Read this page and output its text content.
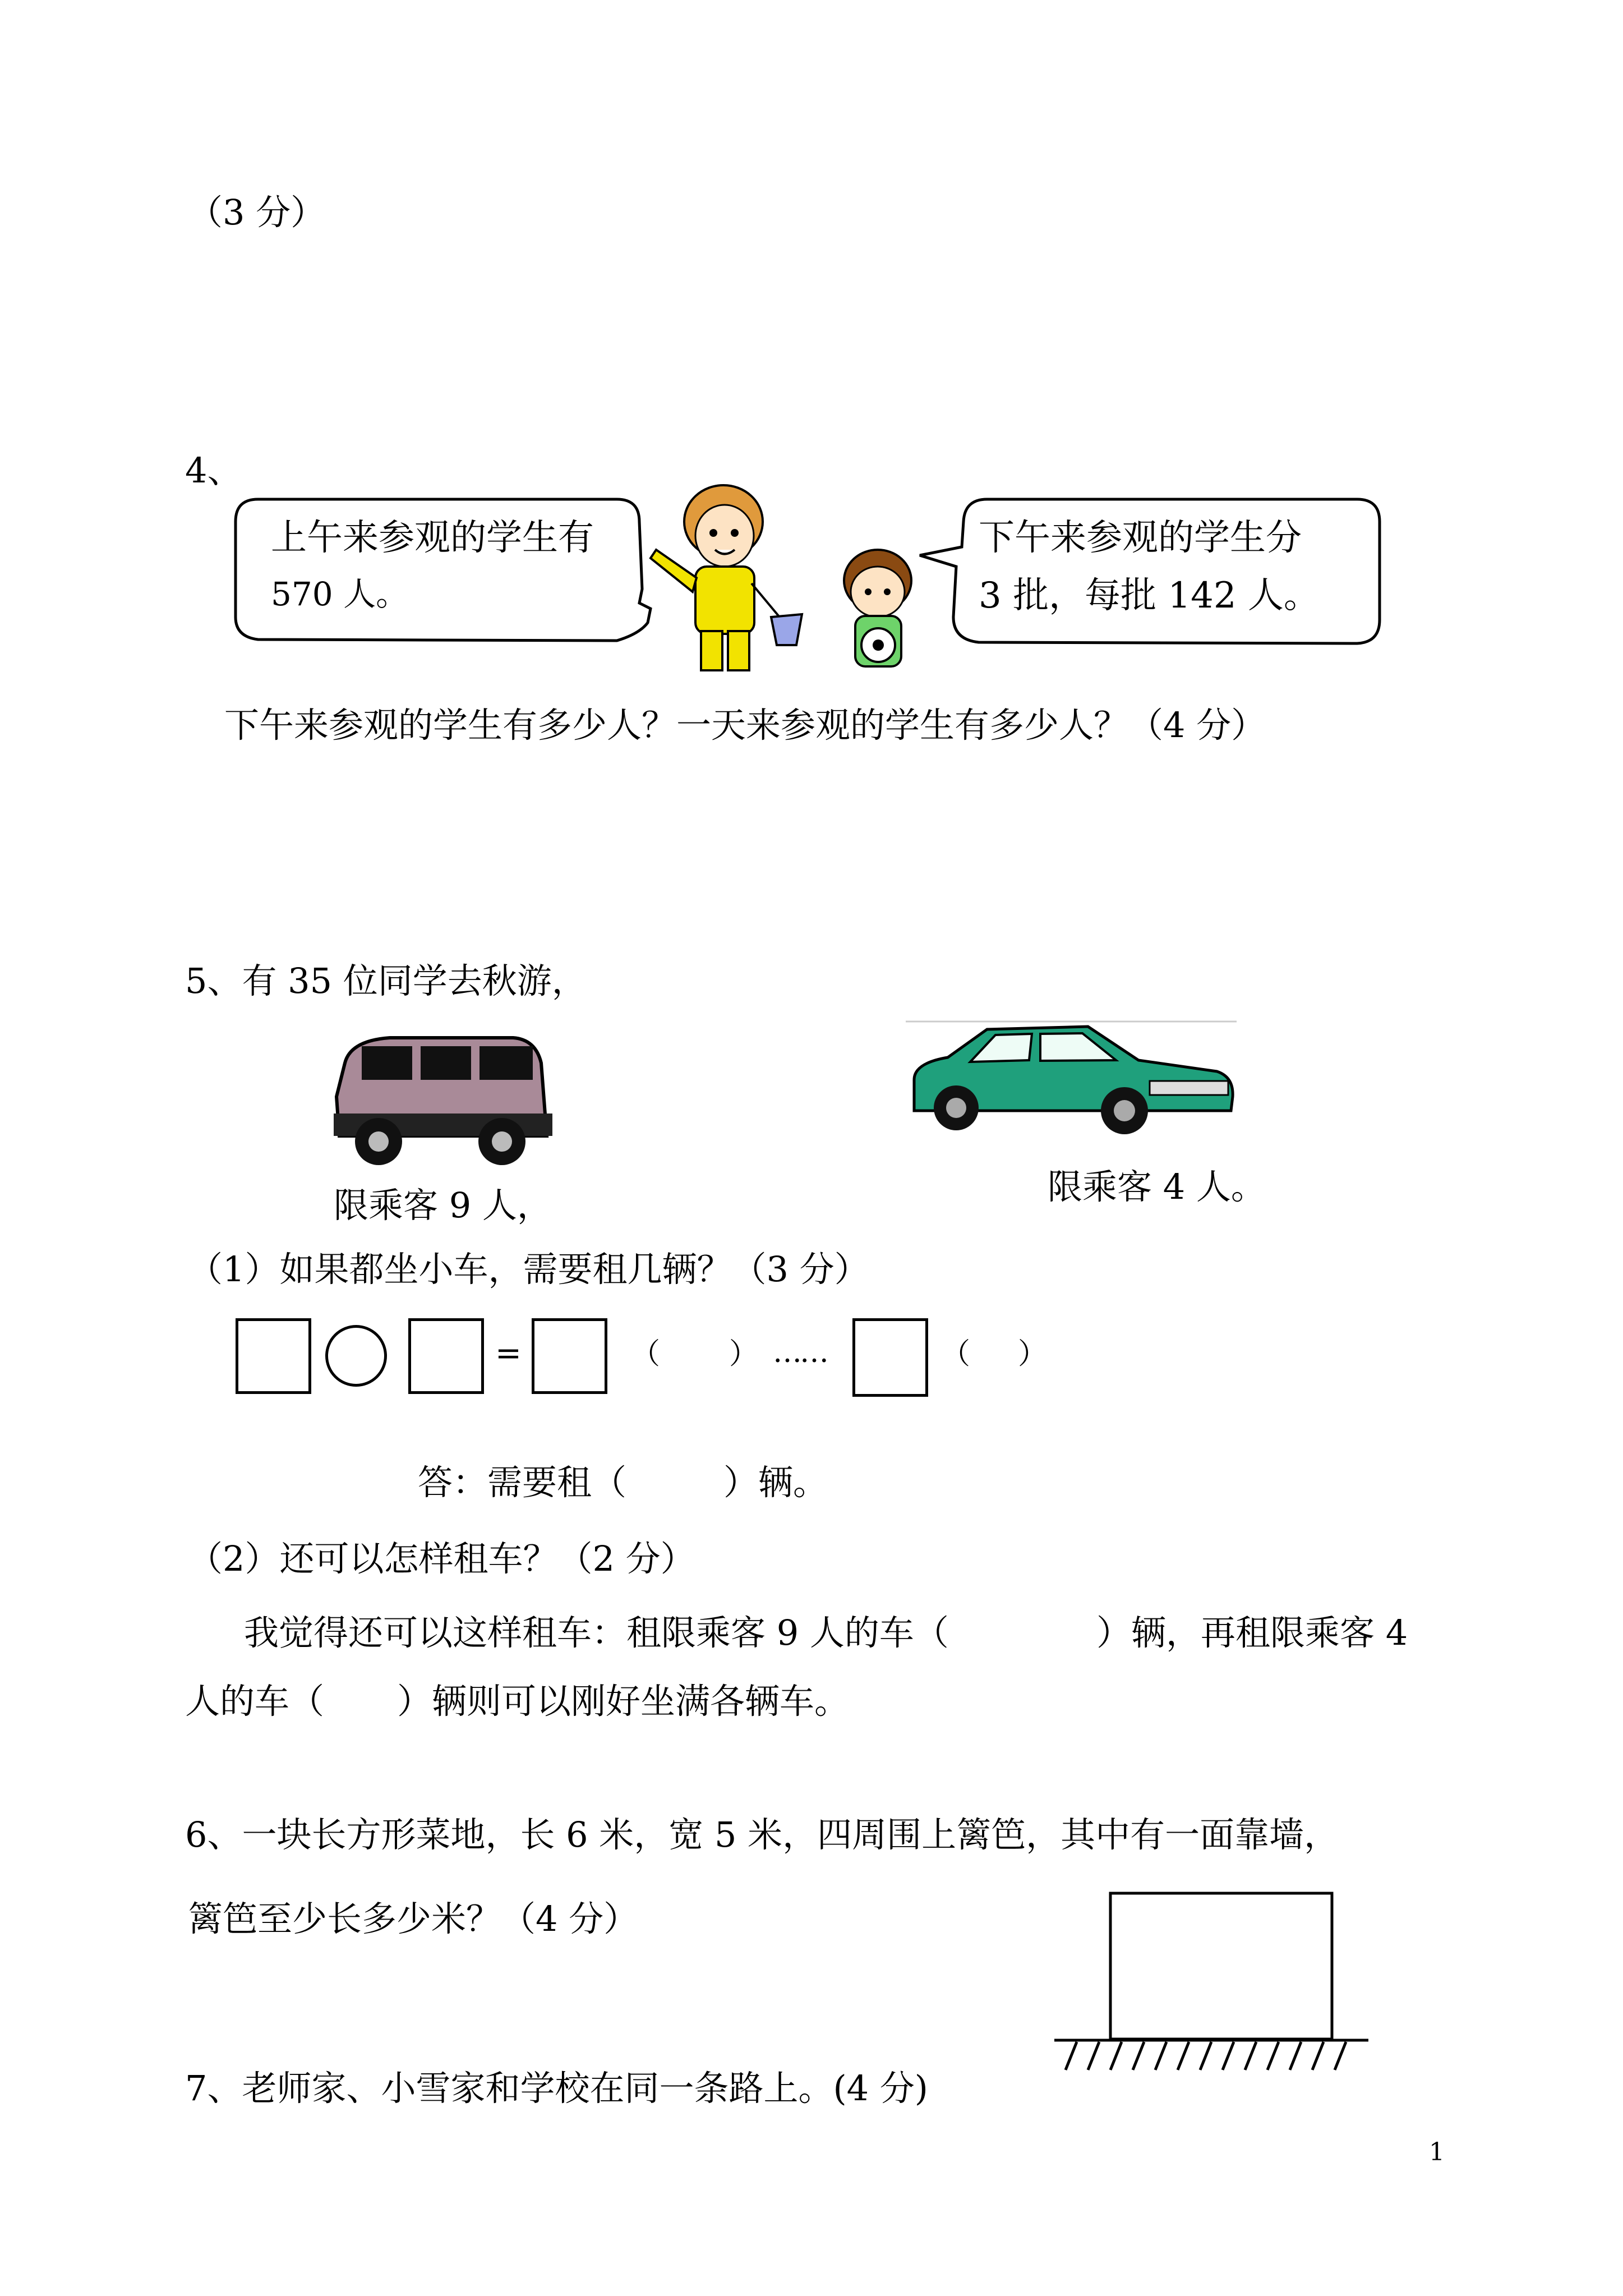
（3 分）
4、
上午来参观的学生有
570 人。
下午来参观的学生分
3 批，每批 142 人。
下午来参观的学生有多少人？一天来参观的学生有多少人？（4 分）
5、有 35 位同学去秋游，
限乘客 9 人，	限乘客 4 人。
（1）如果都坐小车，需要租几辆？（3 分）
=	（ ） ……	（ ）
答：需要租（	）辆。
（2）还可以怎样租车？（2 分）
我觉得还可以这样租车：租限乘客 9 人的车（	）辆，再租限乘客 4
人的车（ ）辆则可以刚好坐满各辆车。
6、一块长方形菜地，长 6 米，宽 5 米，四周围上篱笆，其中有一面靠墙，
篱笆至少长多少米？（4 分）
7、老师家、小雪家和学校在同一条路上。(4 分)
1
